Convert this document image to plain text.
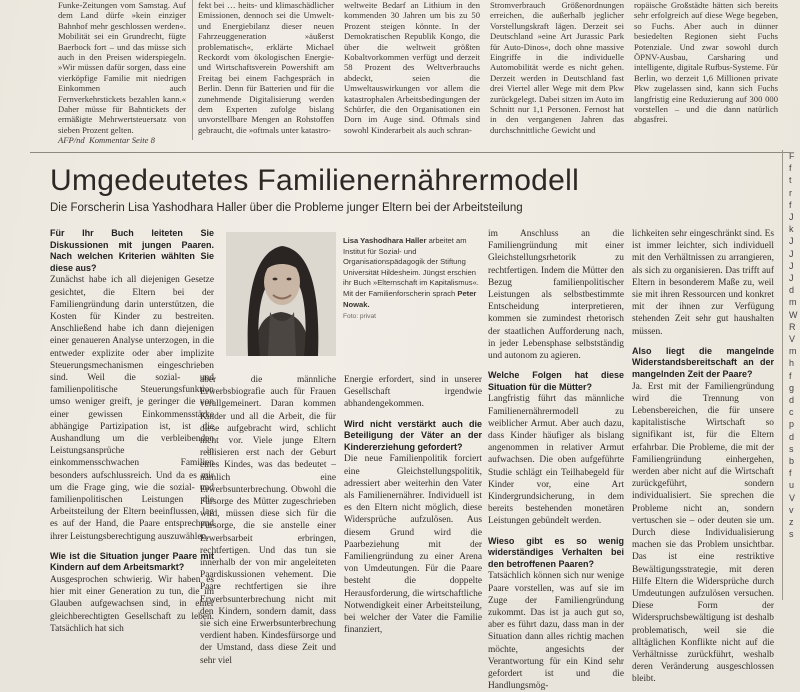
Funke-Zeitungen vom Samstag. Auf dem Land dürfe »kein einziger Bahnhof mehr geschlossen werden«. Mobilität sei ein Grundrecht, fügte Baerbock fort – und das müsse sich auch in den Preisen widerspiegeln. »Wir müssen dafür sorgen, dass eine vierköpfige Familie mit niedrigen Einkommen auch Fernverkehrstickets bezahlen kann.« Daher müsse für Bahntickets der ermäßigte Mehrwertsteuersatz von sieben Prozent gelten.

AFP/nd Kommentar Seite 8

fekt bei … heits- und klimaschädlicher Emissionen, dennoch sei die Umwelt- und Energiebilanz dieser neuen Fahrzeuggeneration »äußerst problematisch«, erklärte Michael Reckordt vom ökologischen Energie- und Wirtschaftsverein Powershift am Freitag bei einem Fachgespräch in Berlin. Denn für Batterien und für die zunehmende Digitalisierung werden dem Experten zufolge bislang unvorstellbare Mengen an Rohstoffen gebraucht, die »oftmals unter katastro-

weltweite Bedarf an Lithium in den kommenden 30 Jahren um bis zu 50 Prozent steigen könnte. In der Demokratischen Republik Kongo, die über die weltweit größten Kobaltvorkommen verfügt und derzeit 58 Prozent des Weltverbrauchs abdeckt, seien die Umweltauswirkungen vor allem die katastrophalen Arbeitsbedingungen der Schürfer, die den Organisationen ein Dorn im Auge sind. Oftmals sind sowohl Kinderarbeit als auch schran-

Stromverbrauch Größenordnungen erreichen, die außerhalb jeglicher Vorstellungskraft lägen. Derzeit sei Deutschland »eine Art Jurassic Park für Auto-Dinos«, doch ohne massive Eingriffe in die individuelle Automobilität werde es nicht gehen. Derzeit werden in Deutschland fast drei Viertel aller Wege mit dem Pkw zurückgelegt. Dabei sitzen im Auto im Schnitt nur 1,1 Personen. Fernost hat in den vergangenen Jahren das durchschnittliche Gewicht und

ropäische Großstädte hätten sich bereits sehr erfolgreich auf diese Wege begeben, so Fuchs. Aber auch in dünner besiedelten Regionen sieht Fuchs Potenziale. Und zwar sowohl durch ÖPNV-Ausbau, Carsharing und intelligente, digitale Rufbus-Systeme. Für Berlin, wo derzeit 1,6 Millionen private Pkw zugelassen sind, kann sich Fuchs langfristig eine Reduzierung auf 300 000 vorstellen – und die dann natürlich abgasfrei.

Umgedeutetes Familienernährermodell
Die Forscherin Lisa Yashodhara Haller über die Probleme junger Eltern bei der Arbeitsteilung

Für Ihr Buch leiteten Sie Diskussionen mit jungen Paaren. Nach welchen Kriterien wählten Sie diese aus?

Zunächst habe ich all diejenigen Gesetze gesichtet, die Eltern bei der Familiengründung darin unterstützen, die Kosten für Kinder zu bestreiten. Anschließend habe ich dann diejenigen einer genaueren Analyse unterzogen, in die entweder explizite oder aber implizite Steuerungsmechanismen eingeschrieben sind. Weil die sozial- und familienpolitische Steuerungsfunktion umso weniger greift, je geringer die von einer gewissen Einkommensstärke abhängige Partizipation ist, ist die Aushandlung um die verbleibenden Leistungsansprüche in einkommensschwachen Familien besonders aufschlussreich. Und da es mir um die Frage ging, wie die sozial- und familienpolitischen Leistungen die Arbeitsteilung der Eltern beeinflussen, lag es auf der Hand, die Paare entsprechend ihrer Leistungsberechtigung auszuwählen.

Wie ist die Situation junger Paare mit Kindern auf dem Arbeitsmarkt?

Ausgesprochen schwierig. Wir haben es hier mit einer Generation zu tun, die im Glauben aufgewachsen sind, in einer gleichberechtigten Gesellschaft zu leben. Tatsächlich hat sich

Lisa Yashodhara Haller arbeitet am Institut für Sozial- und Organisationspädagogik der Stiftung Universität Hildesheim. Jüngst erschien ihr Buch »Elternschaft im Kapitalismus«. Mit der Familienforscherin sprach Peter Nowak.
Foto: privat

aber die männliche Erwerbsbiografie auch für Frauen verallgemeinert. Daran kommen Kinder und all die Arbeit, die für diese aufgebracht wird, schlicht nicht vor. Viele junge Eltern realisieren erst nach der Geburt eines Kindes, was das bedeutet – nämlich eine Erwerbsunterbrechung. Obwohl die Fürsorge des Mütter zugeschrieben wird, müssen diese sich für die Fürsorge, die sie anstelle einer Erwerbsarbeit erbringen, rechtfertigen. Und das tun sie innerhalb der von mir angeleiteten Paardiskussionen vehement. Die Paare rechtfertigen sie ihre Erwerbsunterbrechung nicht mit den Kindern, sondern damit, dass sie sich eine Erwerbsunterbrechung verdient haben. Kindesfürsorge und der Umstand, dass diese Zeit und sehr viel

Energie erfordert, sind in unserer Gesellschaft irgendwie abhandengekommen.

Wird nicht verstärkt auch die Beteiligung der Väter an der Kindererziehung gefordert?

Die neue Familienpolitik forciert eine Gleichstellungspolitik, adressiert aber weiterhin den Vater als Familienernährer. Individuell ist es den Eltern nicht möglich, diese Widersprüche aufzulösen. Aus diesem Grund wird die Paarbeziehung mit der Familiengründung zu einer Arena von Umdeutungen. Für die Paare besteht die doppelte Herausforderung, die wirtschaftliche Notwendigkeit einer Arbeitsteilung, bei welcher der Vater die Familie finanziert,

im Anschluss an die Familiengründung mit einer Gleichstellungsrhetorik zu rechtfertigen. Indem die Mütter den Bezug familienpolitischer Leistungen als selbstbestimmte Entscheidung interpretieren, kommen sie zumindest rhetorisch der staatlichen Aufforderung nach, in jeder Lebensphase selbstständig und autonom zu agieren.

Welche Folgen hat diese Situation für die Mütter?

Langfristig führt das männliche Familienernährermodell zu weiblicher Armut. Aber auch dazu, dass Kinder häufiger als bislang angenommen in relativer Armut aufwachsen. Die oben aufgeführte Studie schlägt ein Teilhabegeld für Kinder vor, eine Art Kindergrundsicherung, in dem bereits bestehenden monetären Leistungen gebündelt werden.

Wieso gibt es so wenig widerständiges Verhalten bei den betroffenen Paaren?

Tatsächlich können sich nur wenige Paare vorstellen, was auf sie im Zuge der Familiengründung zukommt. Das ist ja auch gut so, aber es führt dazu, dass man in der Situation dann alles richtig machen möchte, angesichts der Verantwortung für ein Kind sehr gefordert ist und die Handlungsmög-

lichkeiten sehr eingeschränkt sind. Es ist immer leichter, sich individuell mit den Verhältnissen zu arrangieren, als sich zu organisieren. Das trifft auf Eltern in besonderem Maße zu, weil sie mit ihren Ressourcen und konkret mit der ihnen zur Verfügung stehenden Zeit sehr gut haushalten müssen.

Also liegt die mangelnde Widerstandsbereitschaft an der mangelnden Zeit der Paare?

Ja. Erst mit der Familiengründung wird die Trennung von Lebensbereichen, die für unsere kapitalistische Wirtschaft so signifikant ist, für die Eltern erfahrbar. Die Probleme, die mit der Familiengründung einhergehen, werden aber nicht auf die Wirtschaft zurückgeführt, sondern individualisiert. Sie sprechen die Probleme nicht an, sondern vertuschen sie – oder deuten sie um. Durch diese Individualisierung machen sie das Problem unsichtbar. Das ist eine restriktive Bewältigungsstrategie, mit deren Hilfe Eltern die Widersprüche durch Umdeutungen aufzulösen versuchen. Diese Form der Widerspruchsbewältigung ist deshalb problematisch, weil sie die alltäglichen Konflikte nicht auf die Verhältnisse zurückführt, weshalb deren Veränderung ausgeschlossen bleibt.

F
f
t
r
f
J
k
J
J
J
J
d
m
W
R
V
m
h
f
g
d
c
p
d
s
b
f
u
V
v
z
s
